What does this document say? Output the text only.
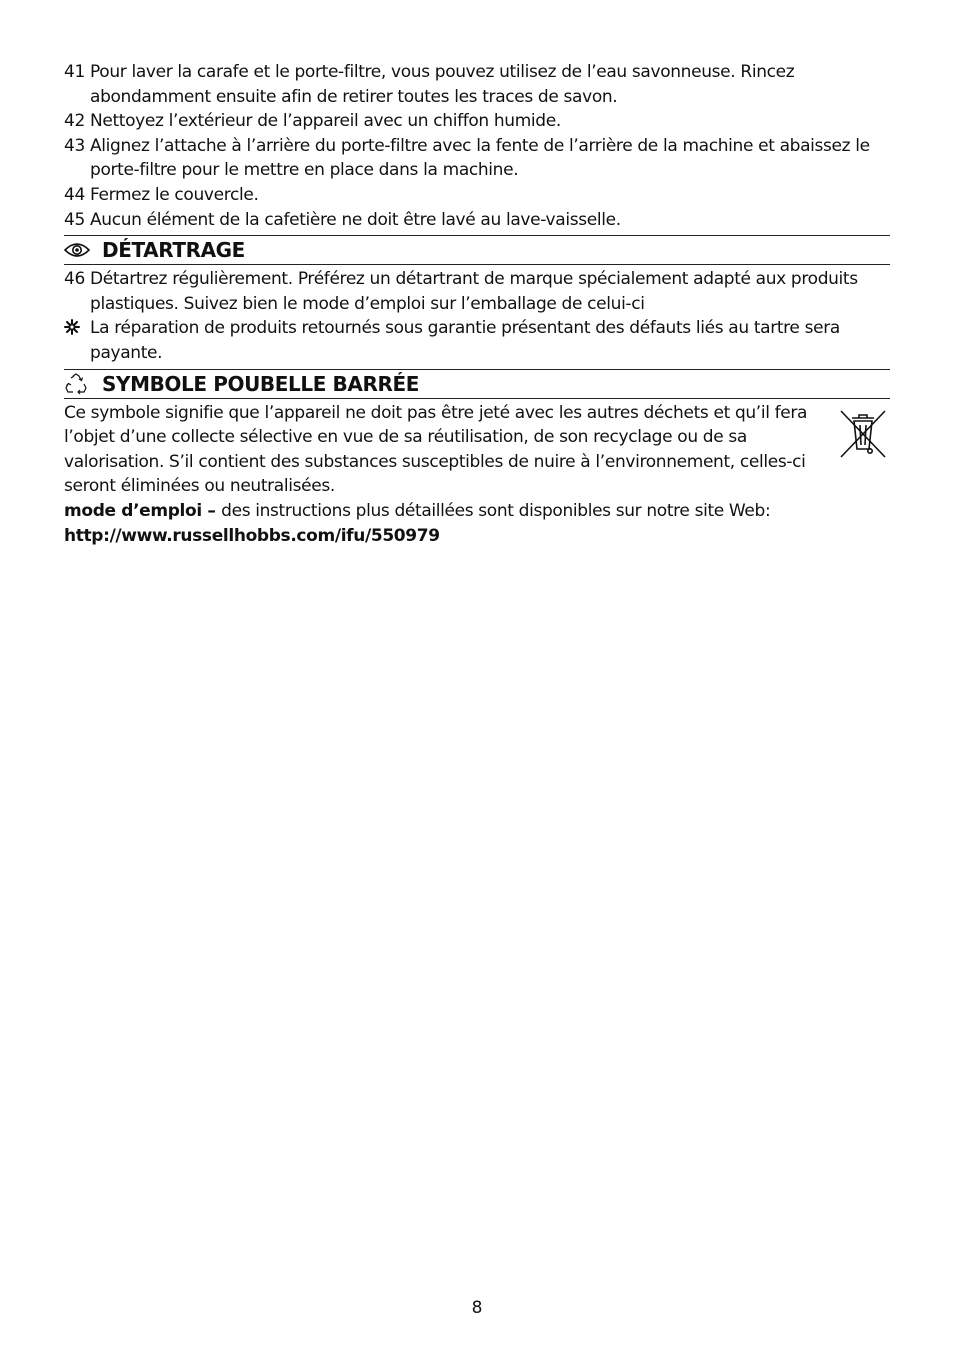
41 Pour laver la carafe et le porte-filtre, vous pouvez utilisez de l’eau savonneuse. Rincez abondamment ensuite afin de retirer toutes les traces de savon.
42 Nettoyez l’extérieur de l’appareil avec un chiffon humide.
43 Alignez l’attache à l’arrière du porte-filtre avec la fente de l’arrière de la machine et abaissez le porte-filtre pour le mettre en place dans la machine.
44 Fermez le couvercle.
45 Aucun élément de la cafetière ne doit être lavé au lave-vaisselle.
DÉTARTRAGE
46 Détartrez régulièrement. Préférez un détartrant de marque spécialement adapté aux produits plastiques. Suivez bien le mode d’emploi sur l’emballage de celui-ci
La réparation de produits retournés sous garantie présentant des défauts liés au tartre sera payante.
SYMBOLE POUBELLE BARRÉE

Ce symbole signifie que l’appareil ne doit pas être jeté avec les autres déchets et qu’il fera l’objet d’une collecte sélective en vue de sa réutilisation, de son recyclage ou de sa valorisation. S’il contient des substances susceptibles de nuire à l’environnement, celles-ci seront éliminées ou neutralisées.

mode d’emploi – des instructions plus détaillées sont disponibles sur notre site Web:
http://www.russellhobbs.com/ifu/550979
8
